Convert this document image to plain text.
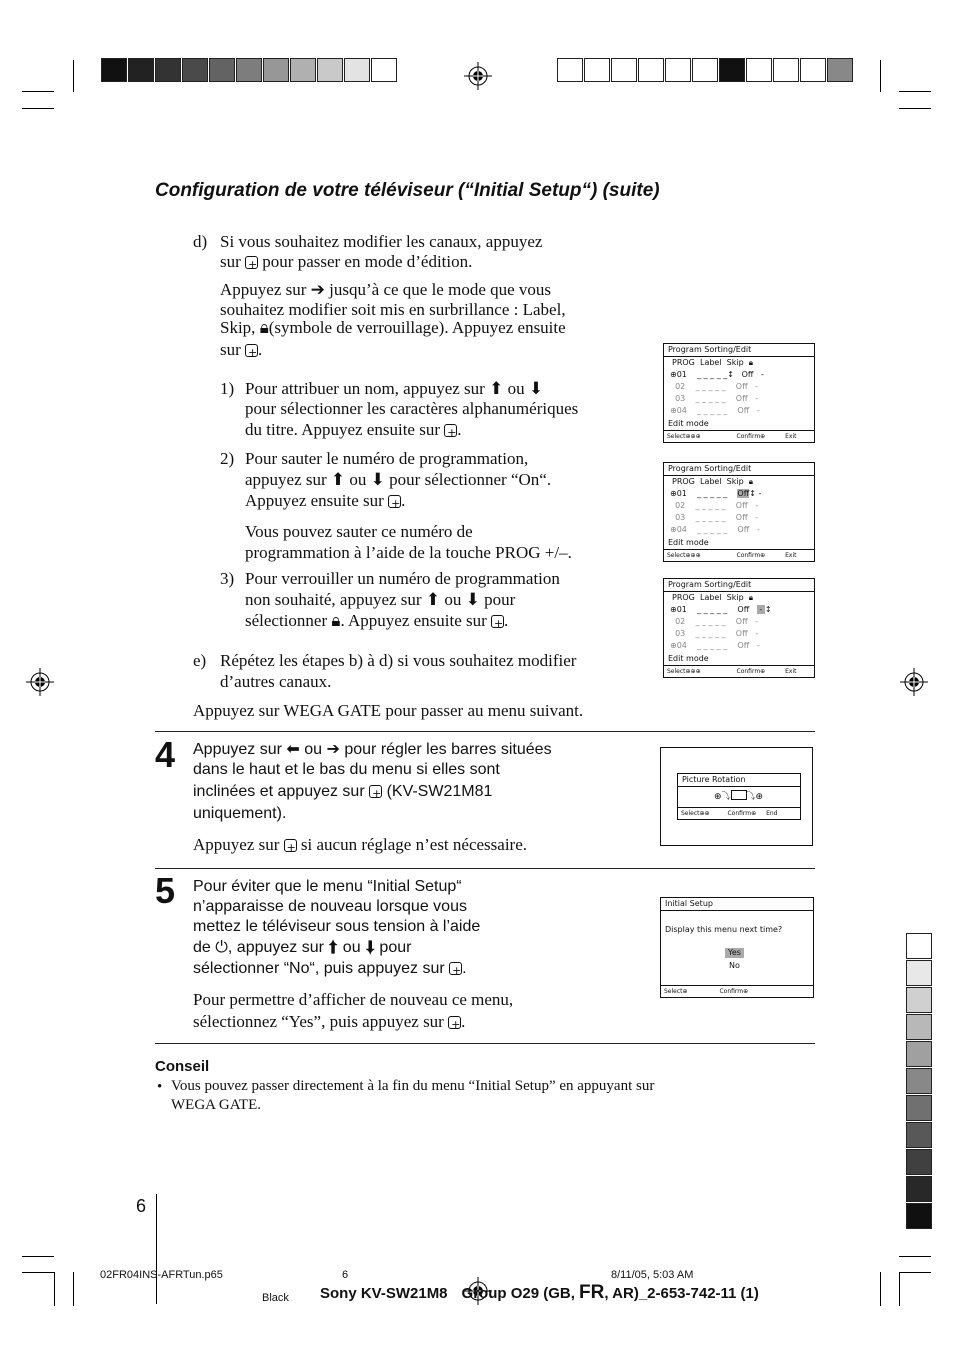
Configuration de votre téléviseur (“Initial Setup“) (suite)
d) Si vous souhaitez modifier les canaux, appuyez
sur + pour passer en mode d’édition.
Appuyez sur ➔ jusqu’à ce que le mode que vous
souhaitez modifier soit mis en surbrillance : Label,
Skip, 🔒︎(symbole de verrouillage). Appuyez ensuite
sur + .
1) Pour attribuer un nom, appuyez sur ⬆ ou ⬇
pour sélectionner les caractères alphanumériques
du titre. Appuyez ensuite sur + .
2) Pour sauter le numéro de programmation,
appuyez sur ⬆ ou ⬇ pour sélectionner “On“.
Appuyez ensuite sur + .
Vous pouvez sauter ce numéro de
programmation à l’aide de la touche PROG +/–.
3) Pour verrouiller un numéro de programmation
non souhaité, appuyez sur ⬆ ou ⬇ pour
sélectionner 🔒︎. Appuyez ensuite sur + .
e) Répétez les étapes b) à d) si vous souhaitez modifier
d’autres canaux.
Appuyez sur WEGA GATE pour passer au menu suivant.
Program Sorting/Edit
PROG Label Skip 🔒︎
⊕01 _ _ _ _ _↕   Off -
02 _ _ _ _ _ Off -
03 _ _ _ _ _ Off -
⊕04 _ _ _ _ _ Off -
Edit mode
Select⊕⊕⊕	Confirm⊕	Exit
Program Sorting/Edit
PROG Label Skip 🔒︎
⊕01 _ _ _ _ _ Off↕ -
02 _ _ _ _ _ Off -
03 _ _ _ _ _ Off -
⊕04 _ _ _ _ _ Off -
Edit mode
Select⊕⊕⊕	Confirm⊕	Exit
Program Sorting/Edit
PROG Label Skip 🔒︎
⊕01 _ _ _ _ _ Off - ↕
02 _ _ _ _ _ Off -
03 _ _ _ _ _ Off -
⊕04 _ _ _ _ _ Off -
Edit mode
Select⊕⊕⊕	Confirm⊕	Exit
4 Appuyez sur ⬅ ou ➔ pour régler les barres situées
dans le haut et le bas du menu si elles sont
inclinées et appuyez sur + (KV-SW21M81
uniquement).
Appuyez sur + si aucun réglage n’est nécessaire.
Picture Rotation
⊕⤵ ⤵⊕
Select⊕⊕	Confirm⊕ End
5 Pour éviter que le menu “Initial Setup“
n’apparaisse de nouveau lorsque vous
mettez le téléviseur sous tension à l’aide
de ⏻, appuyez sur ⬆ ou ⬇ pour
sélectionner “No“, puis appuyez sur + .
Pour permettre d’afficher de nouveau ce menu,
sélectionnez “Yes”, puis appuyez sur + .
Initial Setup
Display this menu next time?
Yes
No
Select⊕	Confirm⊕
Conseil
• Vous pouvez passer directement à la fin du menu “Initial Setup” en appuyant sur
WEGA GATE.
6
02FR04INS-AFRTun.p65	6	8/11/05, 5:03 AM
Black Sony KV-SW21M8 Group O29 (GB, FR, AR)_2-653-742-11 (1)
